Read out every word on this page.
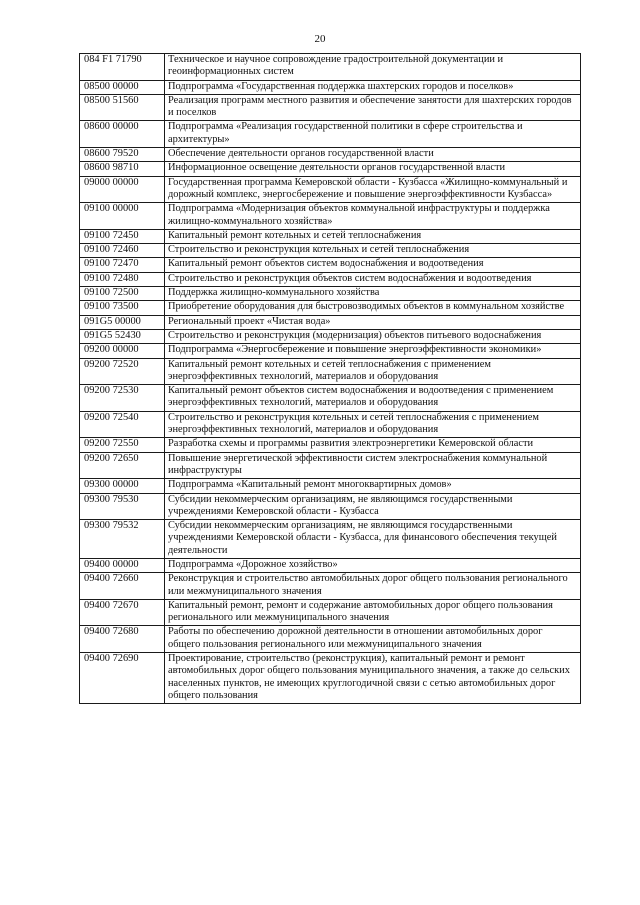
20
084 F1 71790	Техническое и научное сопровождение градостроительной документации и геоинформационных систем
08500 00000	Подпрограмма «Государственная поддержка шахтерских городов и поселков»
08500 51560	Реализация программ местного развития и обеспечение занятости для шахтерских городов и поселков
08600 00000	Подпрограмма «Реализация государственной политики в сфере строительства и архитектуры»
08600 79520	Обеспечение деятельности органов государственной власти
08600 98710	Информационное освещение деятельности органов государственной власти
09000 00000	Государственная программа Кемеровской области - Кузбасса «Жилищно-коммунальный и дорожный комплекс, энергосбережение и повышение энергоэффективности Кузбасса»
09100 00000	Подпрограмма «Модернизация объектов коммунальной инфраструктуры и поддержка жилищно-коммунального хозяйства»
09100 72450	Капитальный ремонт котельных и сетей теплоснабжения
09100 72460	Строительство и реконструкция котельных и сетей теплоснабжения
09100 72470	Капитальный ремонт объектов систем водоснабжения и водоотведения
09100 72480	Строительство и реконструкция объектов систем водоснабжения и водоотведения
09100 72500	Поддержка жилищно-коммунального хозяйства
09100 73500	Приобретение оборудования для быстровозводимых объектов в коммунальном хозяйстве
091G5 00000	Региональный проект «Чистая вода»
091G5 52430	Строительство и реконструкция (модернизация) объектов питьевого водоснабжения
09200 00000	Подпрограмма «Энергосбережение и повышение энергоэффективности экономики»
09200 72520	Капитальный ремонт котельных и сетей теплоснабжения с применением энергоэффективных технологий, материалов и оборудования
09200 72530	Капитальный ремонт объектов систем водоснабжения и водоотведения с применением энергоэффективных технологий, материалов и оборудования
09200 72540	Строительство и реконструкция котельных и сетей теплоснабжения с применением энергоэффективных технологий, материалов и оборудования
09200 72550	Разработка схемы и программы развития электроэнергетики Кемеровской области
09200 72650	Повышение энергетической эффективности систем электроснабжения коммунальной инфраструктуры
09300 00000	Подпрограмма «Капитальный ремонт многоквартирных домов»
09300 79530	Субсидии некоммерческим организациям, не являющимся государственными учреждениями Кемеровской области - Кузбасса
09300 79532	Субсидии некоммерческим организациям, не являющимся государственными учреждениями Кемеровской области - Кузбасса, для финансового обеспечения текущей деятельности
09400 00000	Подпрограмма «Дорожное хозяйство»
09400 72660	Реконструкция и строительство автомобильных дорог общего пользования регионального или межмуниципального значения
09400 72670	Капитальный ремонт, ремонт и содержание автомобильных дорог общего пользования регионального или межмуниципального значения
09400 72680	Работы по обеспечению дорожной деятельности в отношении автомобильных дорог общего пользования регионального или межмуниципального значения
09400 72690	Проектирование, строительство (реконструкция), капитальный ремонт и ремонт автомобильных дорог общего пользования муниципального значения, а также до сельских населенных пунктов, не имеющих круглогодичной связи с сетью автомобильных дорог общего пользования
